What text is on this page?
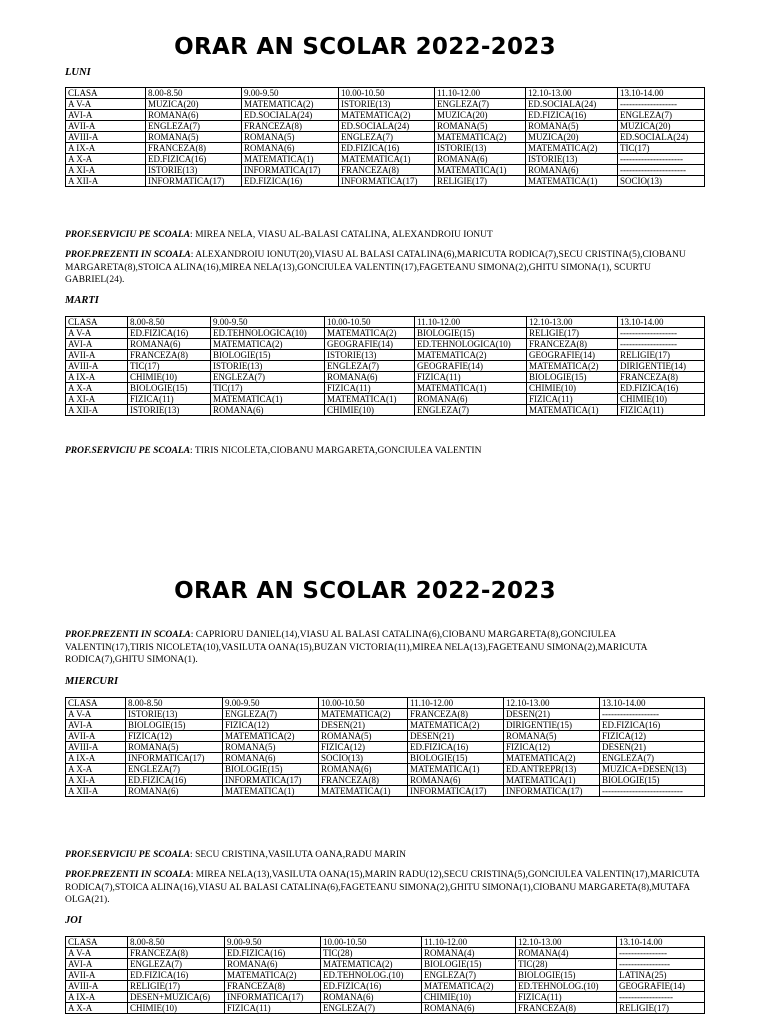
ORAR AN SCOLAR 2022-2023
LUNI
CLASA	8.00-8.50	9.00-9.50	10.00-10.50	11.10-12.00	12.10-13.00	13.10-14.00
A V-A	MUZICA(20)	MATEMATICA(2)	ISTORIE(13)	ENGLEZA(7)	ED.SOCIALA(24)	-------------------
AVI-A	ROMANA(6)	ED.SOCIALA(24)	MATEMATICA(2)	MUZICA(20)	ED.FIZICA(16)	ENGLEZA(7)
AVII-A	ENGLEZA(7)	FRANCEZA(8)	ED.SOCIALA(24)	ROMANA(5)	ROMANA(5)	MUZICA(20)
AVIII-A	ROMANA(5)	ROMANA(5)	ENGLEZA(7)	MATEMATICA(2)	MUZICA(20)	ED.SOCIALA(24)
A IX-A	FRANCEZA(8)	ROMANA(6)	ED.FIZICA(16)	ISTORIE(13)	MATEMATICA(2)	TIC(17)
A X-A	ED.FIZICA(16)	MATEMATICA(1)	MATEMATICA(1)	ROMANA(6)	ISTORIE(13)	---------------------
A XI-A	ISTORIE(13)	INFORMATICA(17)	FRANCEZA(8)	MATEMATICA(1)	ROMANA(6)	----------------------
A XII-A	INFORMATICA(17)	ED.FIZICA(16)	INFORMATICA(17)	RELIGIE(17)	MATEMATICA(1)	SOCIO(13)
PROF.SERVICIU PE SCOALA: MIREA NELA, VIASU AL-BALASI CATALINA, ALEXANDROIU IONUT
PROF.PREZENTI IN SCOALA: ALEXANDROIU IONUT(20),VIASU AL BALASI CATALINA(6),MARICUTA RODICA(7),SECU CRISTINA(5),CIOBANU MARGARETA(8),STOICA ALINA(16),MIREA NELA(13),GONCIULEA VALENTIN(17),FAGETEANU SIMONA(2),GHITU SIMONA(1), SCURTU GABRIEL(24).
MARTI
CLASA	8.00-8.50	9.00-9.50	10.00-10.50	11.10-12.00	12.10-13.00	13.10-14.00
A V-A	ED.FIZICA(16)	ED.TEHNOLOGICA(10)	MATEMATICA(2)	BIOLOGIE(15)	RELIGIE(17)	-------------------
AVI-A	ROMANA(6)	MATEMATICA(2)	GEOGRAFIE(14)	ED.TEHNOLOGICA(10)	FRANCEZA(8)	-------------------
AVII-A	FRANCEZA(8)	BIOLOGIE(15)	ISTORIE(13)	MATEMATICA(2)	GEOGRAFIE(14)	RELIGIE(17)
AVIII-A	TIC(17)	ISTORIE(13)	ENGLEZA(7)	GEOGRAFIE(14)	MATEMATICA(2)	DIRIGENTIE(14)
A IX-A	CHIMIE(10)	ENGLEZA(7)	ROMANA(6)	FIZICA(11)	BIOLOGIE(15)	FRANCEZA(8)
A X-A	BIOLOGIE(15)	TIC(17)	FIZICA(11)	MATEMATICA(1)	CHIMIE(10)	ED.FIZICA(16)
A XI-A	FIZICA(11)	MATEMATICA(1)	MATEMATICA(1)	ROMANA(6)	FIZICA(11)	CHIMIE(10)
A XII-A	ISTORIE(13)	ROMANA(6)	CHIMIE(10)	ENGLEZA(7)	MATEMATICA(1)	FIZICA(11)
PROF.SERVICIU PE SCOALA: TIRIS NICOLETA,CIOBANU MARGARETA,GONCIULEA VALENTIN
ORAR AN SCOLAR 2022-2023
PROF.PREZENTI IN SCOALA: CAPRIORU DANIEL(14),VIASU AL BALASI CATALINA(6),CIOBANU MARGARETA(8),GONCIULEA VALENTIN(17),TIRIS NICOLETA(10),VASILUTA OANA(15),BUZAN VICTORIA(11),MIREA NELA(13),FAGETEANU SIMONA(2),MARICUTA RODICA(7),GHITU SIMONA(1).
MIERCURI
CLASA	8.00-8.50	9.00-9.50	10.00-10.50	11.10-12.00	12.10-13.00	13.10-14.00
A V-A	ISTORIE(13)	ENGLEZA(7)	MATEMATICA(2)	FRANCEZA(8)	DESEN(21)	-------------------
AVI-A	BIOLOGIE(15)	FIZICA(12)	DESEN(21)	MATEMATICA(2)	DIRIGENTIE(15)	ED.FIZICA(16)
AVII-A	FIZICA(12)	MATEMATICA(2)	ROMANA(5)	DESEN(21)	ROMANA(5)	FIZICA(12)
AVIII-A	ROMANA(5)	ROMANA(5)	FIZICA(12)	ED.FIZICA(16)	FIZICA(12)	DESEN(21)
A IX-A	INFORMATICA(17)	ROMANA(6)	SOCIO(13)	BIOLOGIE(15)	MATEMATICA(2)	ENGLEZA(7)
A X-A	ENGLEZA(7)	BIOLOGIE(15)	ROMANA(6)	MATEMATICA(1)	ED.ANTREPR(13)	MUZICA+DESEN(13)
A XI-A	ED.FIZICA(16)	INFORMATICA(17)	FRANCEZA(8)	ROMANA(6)	MATEMATICA(1)	BIOLOGIE(15)
A XII-A	ROMANA(6)	MATEMATICA(1)	MATEMATICA(1)	INFORMATICA(17)	INFORMATICA(17)	---------------------------
PROF.SERVICIU PE SCOALA: SECU CRISTINA,VASILUTA OANA,RADU MARIN
PROF.PREZENTI IN SCOALA: MIREA NELA(13),VASILUTA OANA(15),MARIN RADU(12),SECU CRISTINA(5),GONCIULEA VALENTIN(17),MARICUTA RODICA(7),STOICA ALINA(16),VIASU AL BALASI CATALINA(6),FAGETEANU SIMONA(2),GHITU SIMONA(1),CIOBANU MARGARETA(8),MUTAFA OLGA(21).
JOI
CLASA	8.00-8.50	9.00-9.50	10.00-10.50	11.10-12.00	12.10-13.00	13.10-14.00
A V-A	FRANCEZA(8)	ED.FIZICA(16)	TIC(28)	ROMANA(4)	ROMANA(4)	----------------
AVI-A	ENGLEZA(7)	ROMANA(6)	MATEMATICA(2)	BIOLOGIE(15)	TIC(28)	-----------------
AVII-A	ED.FIZICA(16)	MATEMATICA(2)	ED.TEHNOLOG.(10)	ENGLEZA(7)	BIOLOGIE(15)	LATINA(25)
AVIII-A	RELIGIE(17)	FRANCEZA(8)	ED.FIZICA(16)	MATEMATICA(2)	ED.TEHNOLOG.(10)	GEOGRAFIE(14)
A IX-A	DESEN+MUZICA(6)	INFORMATICA(17)	ROMANA(6)	CHIMIE(10)	FIZICA(11)	------------------
A X-A	CHIMIE(10)	FIZICA(11)	ENGLEZA(7)	ROMANA(6)	FRANCEZA(8)	RELIGIE(17)
